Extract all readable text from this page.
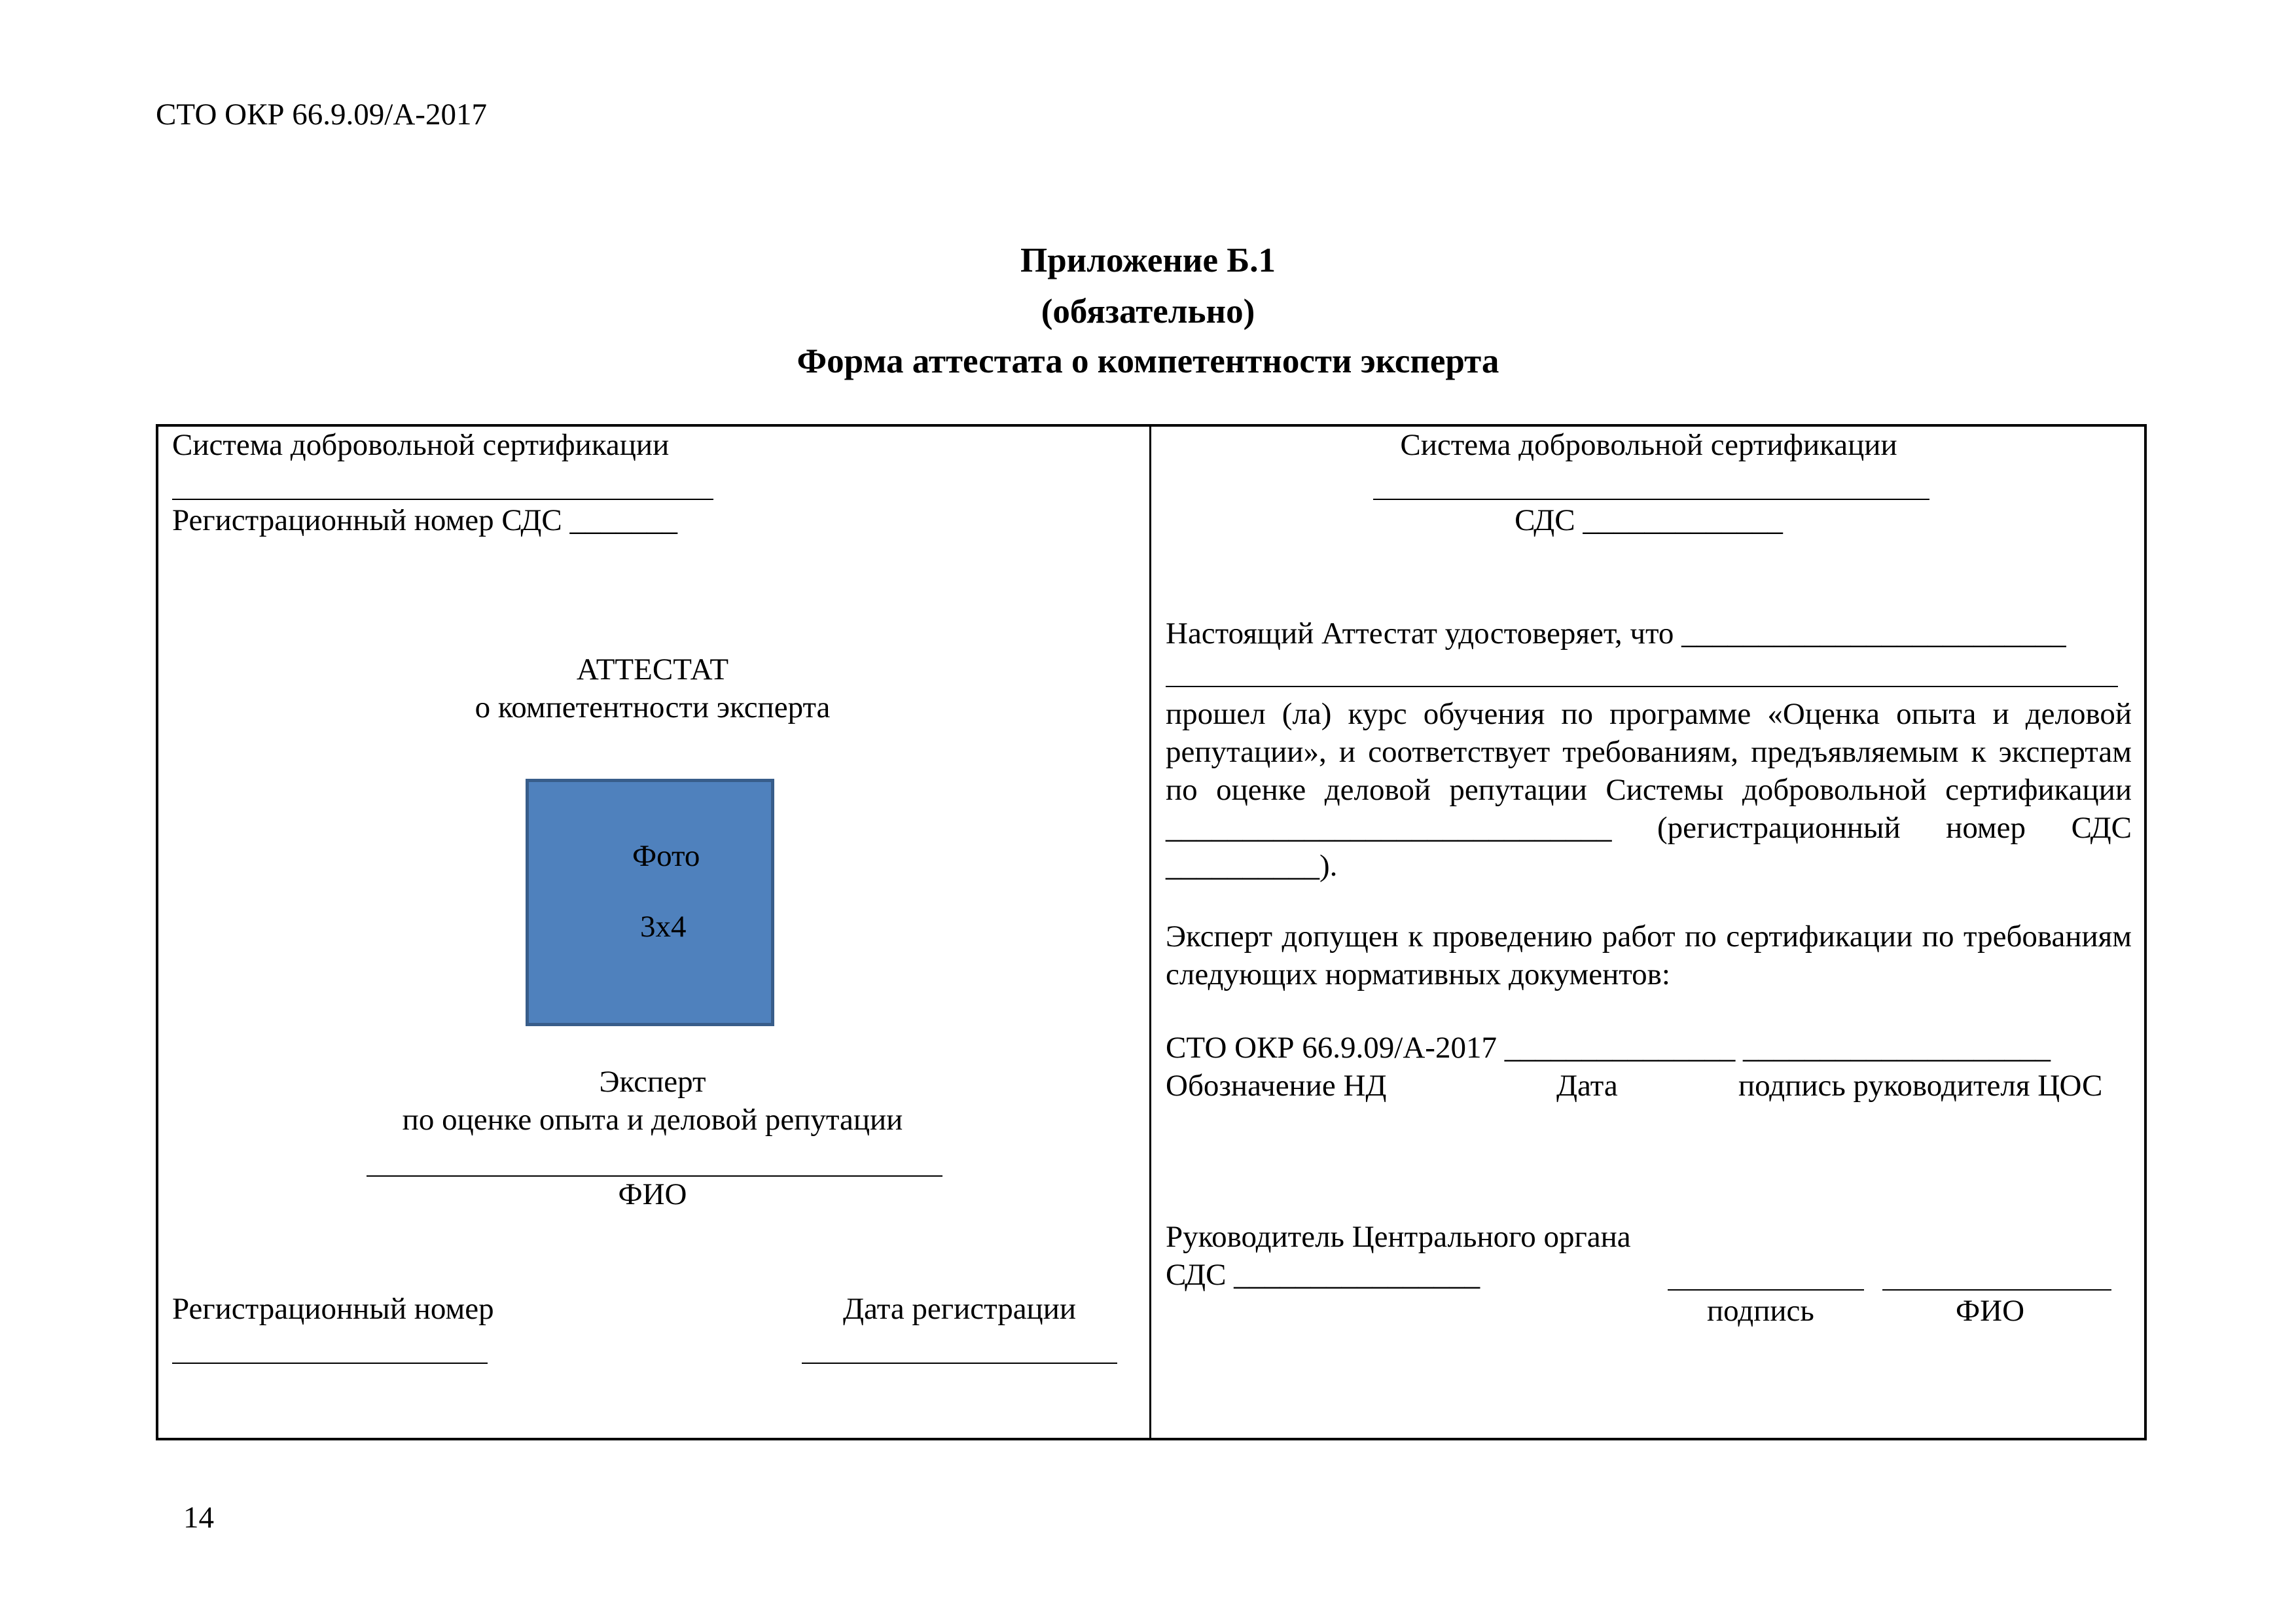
СТО ОКР 66.9.09/А-2017
Приложение Б.1
(обязательно)
Форма аттестата о компетентности эксперта
Система добровольной сертификации
Регистрационный номер СДС _______
АТТЕСТАТ
о компетентности эксперта
Фото
3х4
Эксперт
по оценке опыта и деловой репутации
ФИО
Регистрационный номер	Дата регистрации
Система добровольной сертификации
СДС _____________
Настоящий Аттестат удостоверяет, что _________________________
прошел (ла) курс обучения по программе «Оценка опыта и деловой репутации», и соответствует требованиям, предъявляемым к экспертам по оценке деловой репутации Системы добровольной сертификации _____________________________ (регистрационный номер СДС __________).
Эксперт допущен к проведению работ по сертификации по требованиям следующих нормативных документов:
СТО ОКР 66.9.09/А-2017 _______________ ____________________
Обозначение НД	Дата	подпись руководителя ЦОС
Руководитель Центрального органа
СДС ________________
подпись	ФИО
14
